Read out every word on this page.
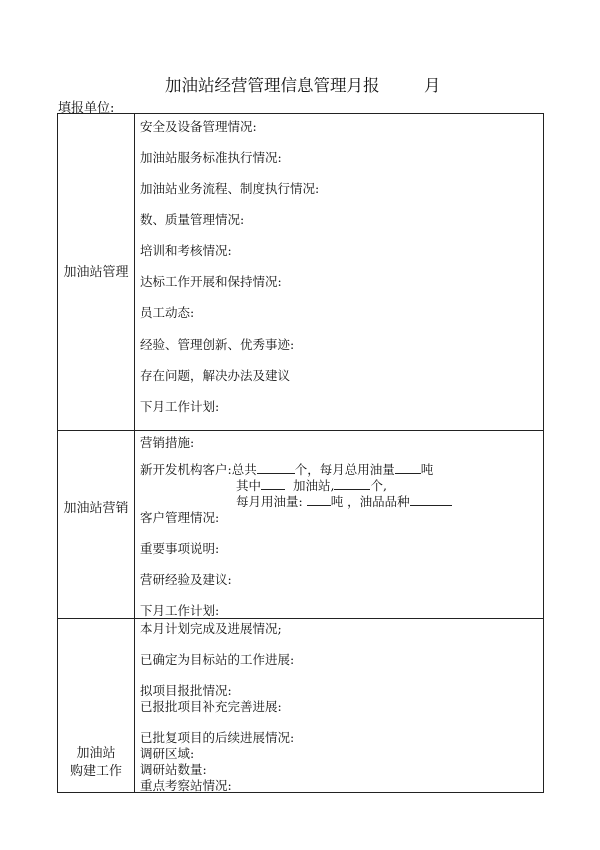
加油站经营管理信息管理月报	月
填报单位:
加油站管理
安全及设备管理情况:
加油站服务标准执行情况:
加油站业务流程、制度执行情况:
数、质量管理情况:
培训和考核情况:
达标工作开展和保持情况:
员工动态:
经验、管理创新、优秀事迹:
存在问题，解决办法及建议
下月工作计划:
加油站营销
营销措施:
新开发机构客户:总共	个，每月总用油量 吨
其中	加油站,	个,
每月用油量: 吨 ，油品品种
客户管理情况:
重要事项说明:
营研经验及建议:
下月工作计划:
加油站
购建工作
本月计划完成及进展情况;
已确定为目标站的工作进展:
拟项目报批情况:
已报批项目补充完善进展:
已批复项目的后续进展情况:
调研区域:
调研站数量:
重点考察站情况:
